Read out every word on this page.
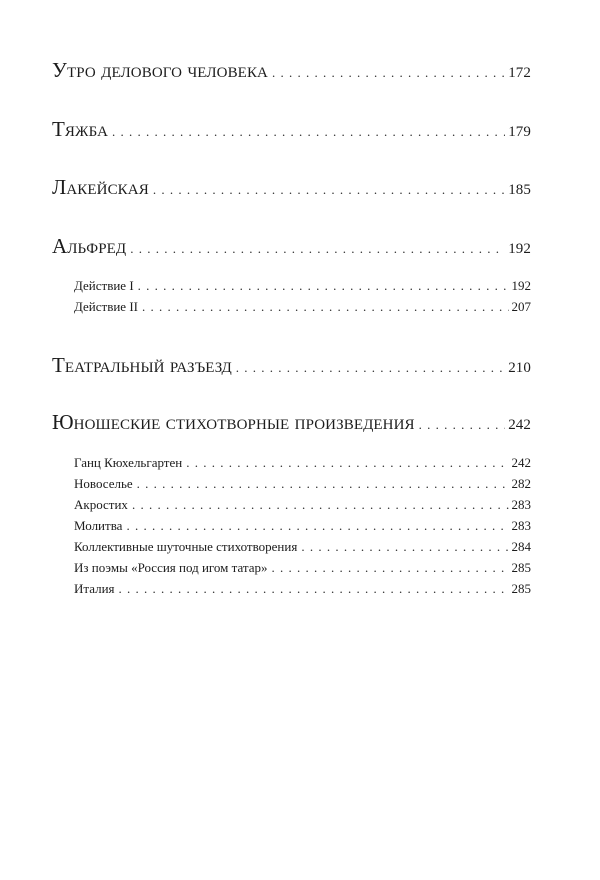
Утро делового человека . . .	172
Тяжба . . .	179
Лакейская . . .	185
Альфред . . .	192
Действие I . . .	192
Действие II . . .	207
Театральный разъезд . . .	210
Юношеские стихотворные произведения . . .	242
Ганц Кюхельгартен . . .	242
Новоселье . . .	282
Акростих . . .	283
Молитва . . .	283
Коллективные шуточные стихотворения . . .	284
Из поэмы «Россия под игом татар» . . .	285
Италия . . .	285
